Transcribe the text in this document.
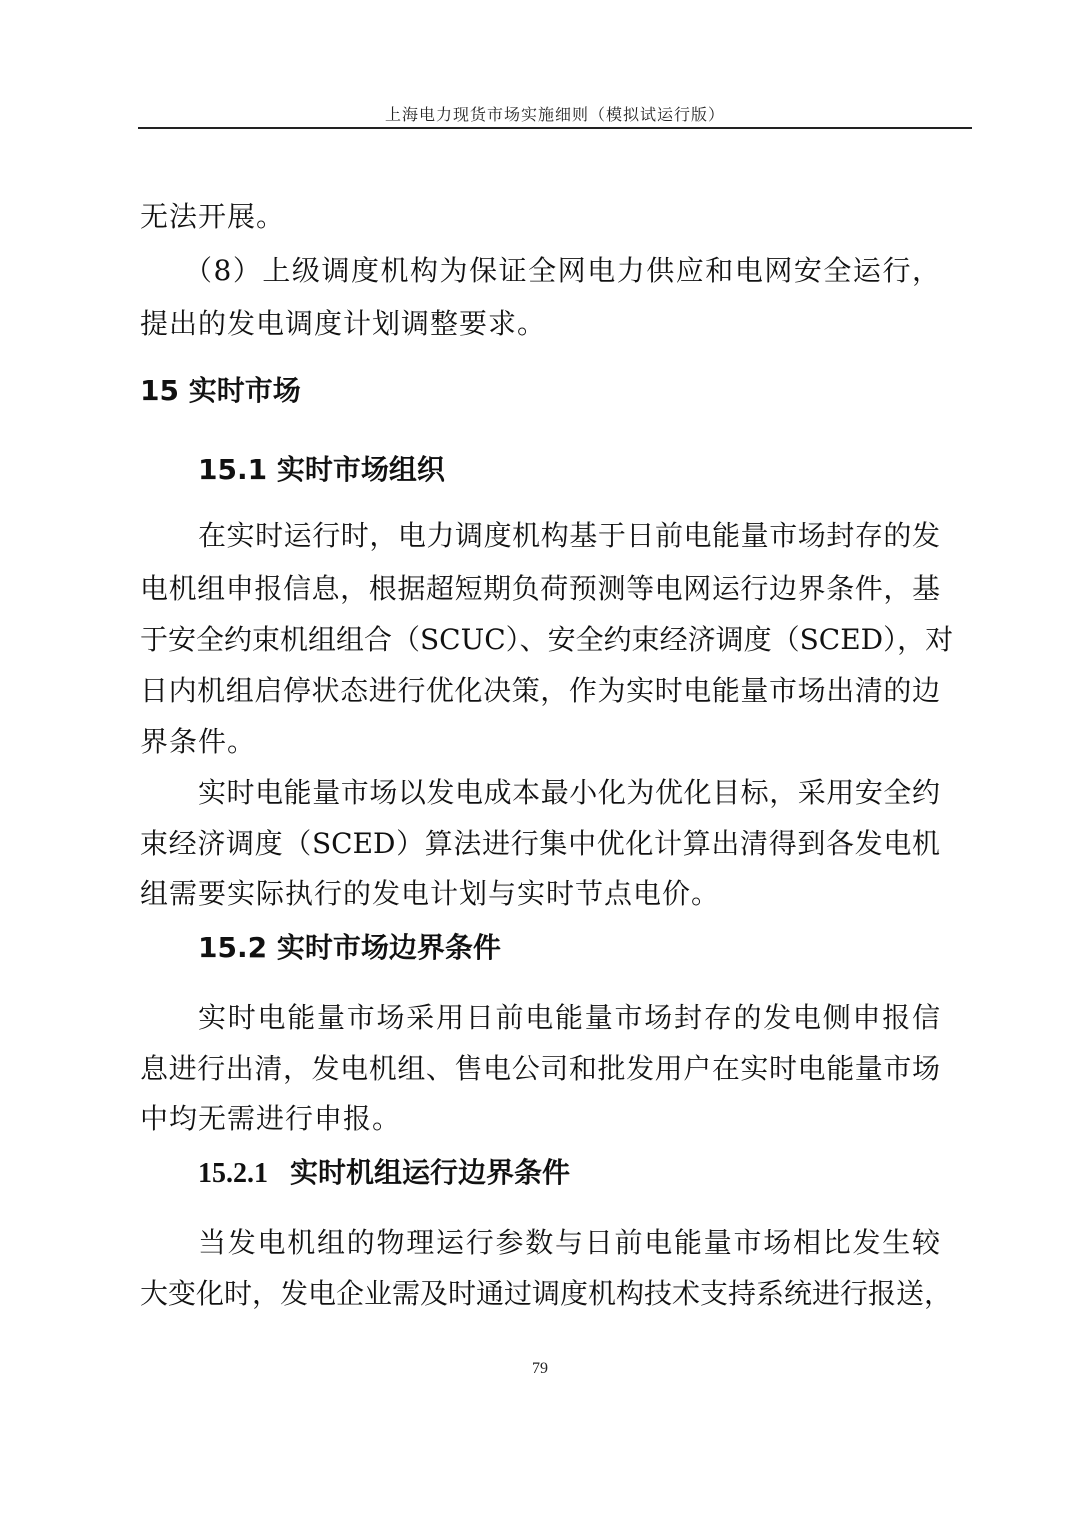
上海电力现货市场实施细则（模拟试运行版）
无法开展。
（8）上级调度机构为保证全网电力供应和电网安全运行，
提出的发电调度计划调整要求。
15 实时市场
15.1 实时市场组织
在实时运行时，电力调度机构基于日前电能量市场封存的发
电机组申报信息，根据超短期负荷预测等电网运行边界条件，基
于安全约束机组组合（SCUC）、安全约束经济调度（SCED），对
日内机组启停状态进行优化决策，作为实时电能量市场出清的边
界条件。
实时电能量市场以发电成本最小化为优化目标，采用安全约
束经济调度（SCED）算法进行集中优化计算出清得到各发电机
组需要实际执行的发电计划与实时节点电价。
15.2 实时市场边界条件
实时电能量市场采用日前电能量市场封存的发电侧申报信
息进行出清，发电机组、售电公司和批发用户在实时电能量市场
中均无需进行申报。
15.2.1 实时机组运行边界条件
当发电机组的物理运行参数与日前电能量市场相比发生较
大变化时，发电企业需及时通过调度机构技术支持系统进行报送，
79
